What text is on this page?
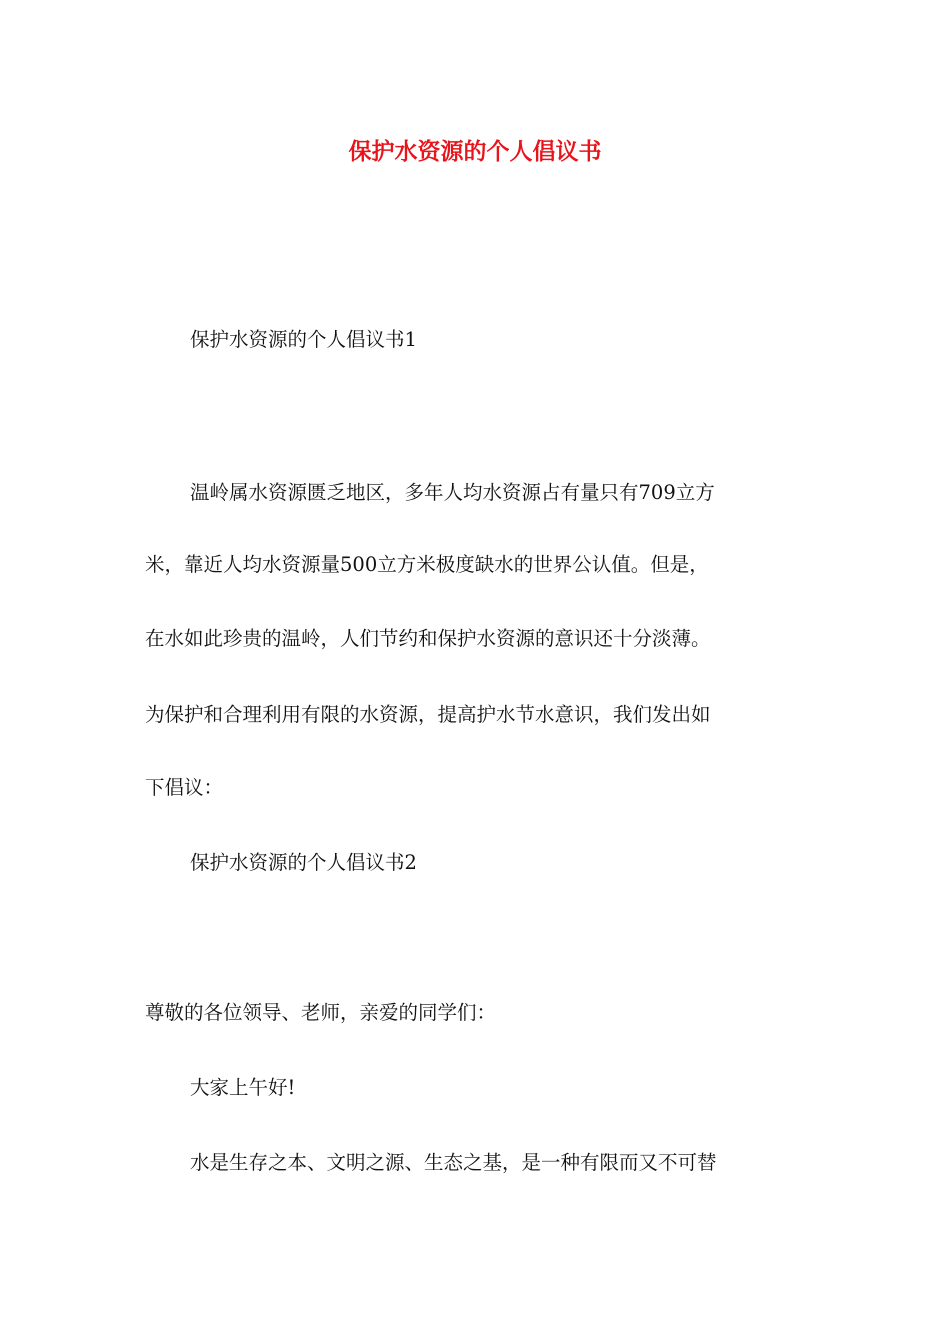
保护水资源的个人倡议书

保护水资源的个人倡议书1

温岭属水资源匮乏地区，多年人均水资源占有量只有709立方

米，靠近人均水资源量500立方米极度缺水的世界公认值。但是，

在水如此珍贵的温岭，人们节约和保护水资源的意识还十分淡薄。

为保护和合理利用有限的水资源，提高护水节水意识，我们发出如

下倡议：

保护水资源的个人倡议书2

尊敬的各位领导、老师，亲爱的同学们：

大家上午好!

水是生存之本、文明之源、生态之基，是一种有限而又不可替
